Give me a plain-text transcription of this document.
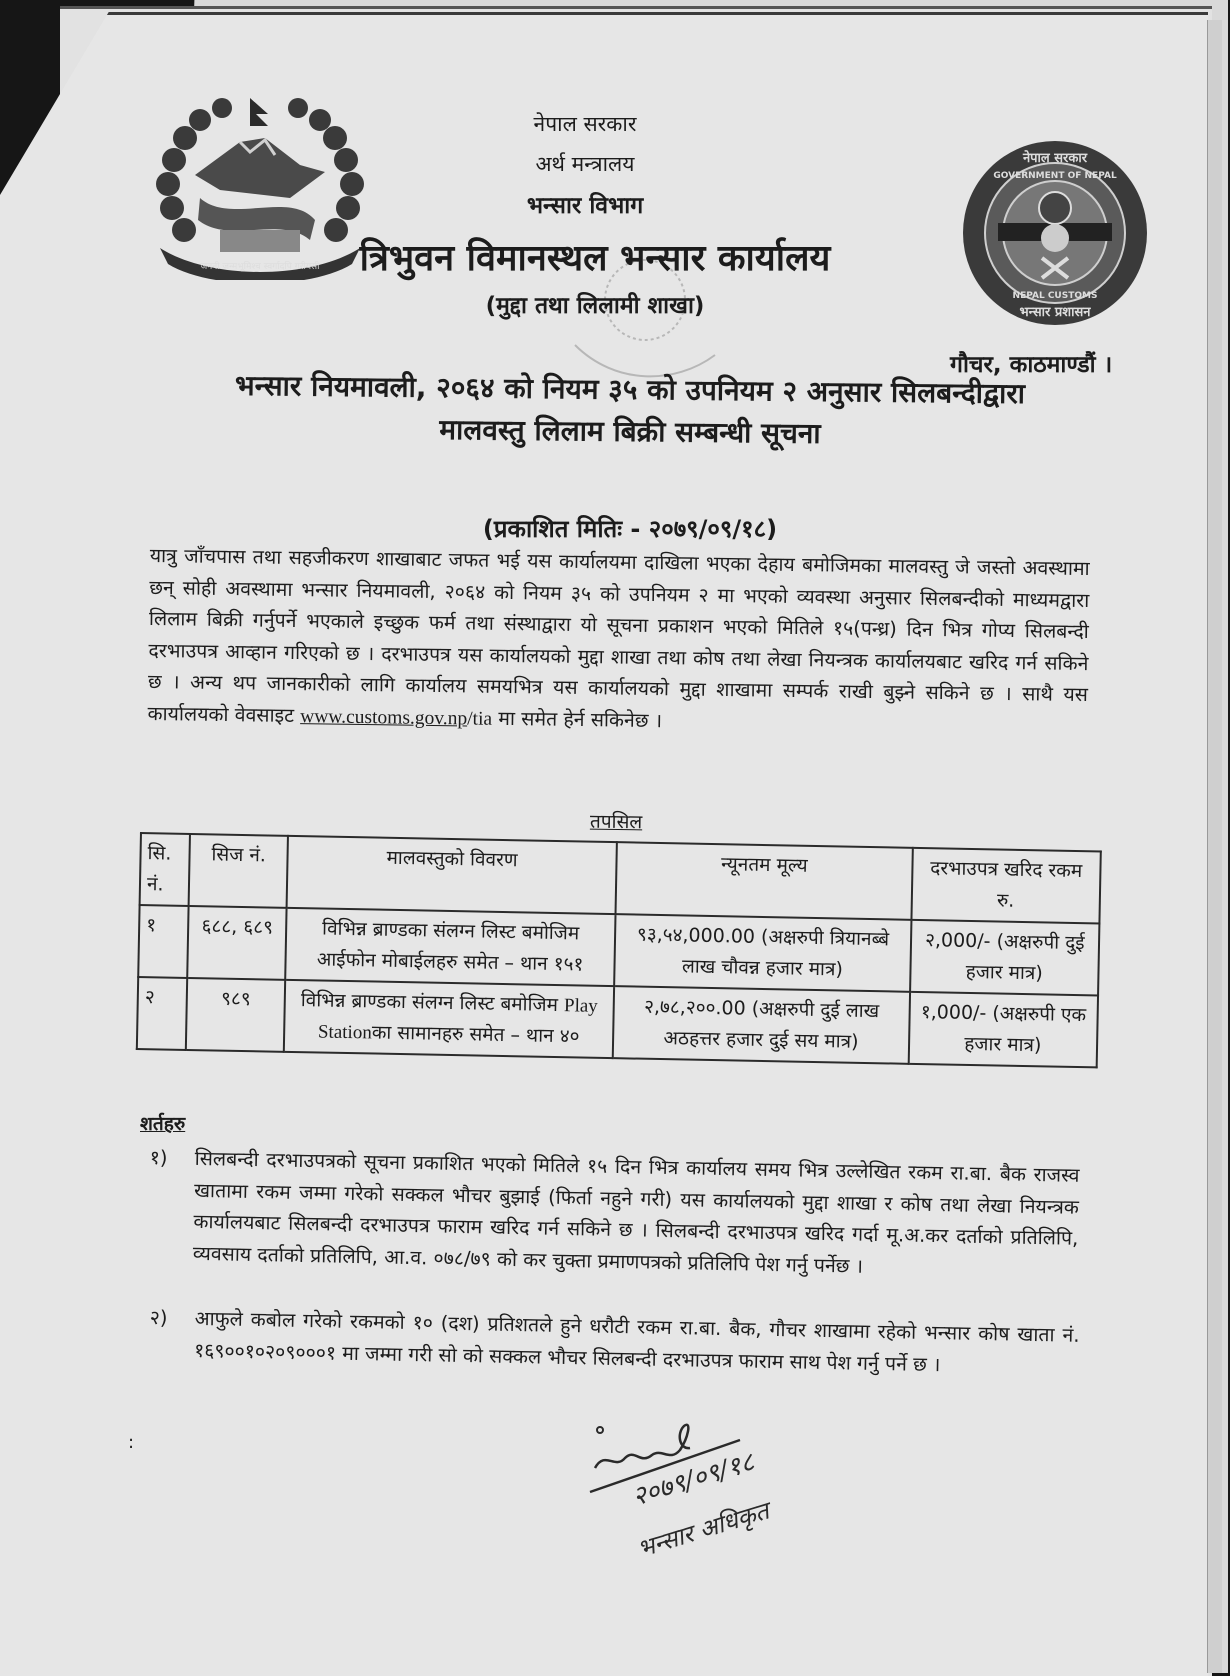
जननी जन्मभूमिश्च स्वर्गादपि गरीयसी
नेपाल सरकार
GOVERNMENT OF NEPAL
NEPAL CUSTOMS
भन्सार प्रशासन
नेपाल सरकार
अर्थ मन्त्रालय
भन्सार विभाग
त्रिभुवन विमानस्थल भन्सार कार्यालय
(मुद्दा तथा लिलामी शाखा)
गौचर, काठमाण्डौं ।
भन्सार नियमावली, २०६४ को नियम ३५ को उपनियम २ अनुसार सिलबन्दीद्वारा
मालवस्तु लिलाम बिक्री सम्बन्धी सूचना
(प्रकाशित मितिः - २०७९/०९/१८)
यात्रु जाँचपास तथा सहजीकरण शाखाबाट जफत भई यस कार्यालयमा दाखिला भएका देहाय बमोजिमका मालवस्तु जे जस्तो अवस्थामा छन् सोही अवस्थामा भन्सार नियमावली, २०६४ को नियम ३५ को उपनियम २ मा भएको व्यवस्था अनुसार सिलबन्दीको माध्यमद्वारा लिलाम बिक्री गर्नुपर्ने भएकाले इच्छुक फर्म तथा संस्थाद्वारा यो सूचना प्रकाशन भएको मितिले १५(पन्ध्र) दिन भित्र गोप्य सिलबन्दी दरभाउपत्र आव्हान गरिएको छ । दरभाउपत्र यस कार्यालयको मुद्दा शाखा तथा कोष तथा लेखा नियन्त्रक कार्यालयबाट खरिद गर्न सकिने छ । अन्य थप जानकारीको लागि कार्यालय समयभित्र यस कार्यालयको मुद्दा शाखामा सम्पर्क राखी बुझ्ने सकिने छ । साथै यस कार्यालयको वेवसाइट www.customs.gov.np/tia मा समेत हेर्न सकिनेछ ।
तपसिल
सि. नं.	सिज नं.	मालवस्तुको विवरण	न्यूनतम मूल्य	दरभाउपत्र खरिद रकम रु.
१	६८८, ६८९	विभिन्न ब्राण्डका संलग्न लिस्ट बमोजिम आईफोन मोबाईलहरु समेत – थान १५१	९३,५४,000.00 (अक्षरुपी त्रियानब्बे लाख चौवन्न हजार मात्र)	२,000/- (अक्षरुपी दुई हजार मात्र)
२	९८९	विभिन्न ब्राण्डका संलग्न लिस्ट बमोजिम Play Stationका सामानहरु समेत – थान ४०	२,७८,२००.00 (अक्षरुपी दुई लाख अठहत्तर हजार दुई सय मात्र)	१,000/- (अक्षरुपी एक हजार मात्र)
शर्तहरु
१) सिलबन्दी दरभाउपत्रको सूचना प्रकाशित भएको मितिले १५ दिन भित्र कार्यालय समय भित्र उल्लेखित रकम रा.बा. बैक राजस्व खातामा रकम जम्मा गरेको सक्कल भौचर बुझाई (फिर्ता नहुने गरी) यस कार्यालयको मुद्दा शाखा र कोष तथा लेखा नियन्त्रक कार्यालयबाट सिलबन्दी दरभाउपत्र फाराम खरिद गर्न सकिने छ । सिलबन्दी दरभाउपत्र खरिद गर्दा मू.अ.कर दर्ताको प्रतिलिपि, व्यवसाय दर्ताको प्रतिलिपि, आ.व. ०७८/७९ को कर चुक्ता प्रमाणपत्रको प्रतिलिपि पेश गर्नु पर्नेछ ।
२) आफुले कबोल गरेको रकमको १० (दश) प्रतिशतले हुने धरौटी रकम रा.बा. बैक, गौचर शाखामा रहेको भन्सार कोष खाता नं. १६९००१०२०९०००१ मा जम्मा गरी सो को सक्कल भौचर सिलबन्दी दरभाउपत्र फाराम साथ पेश गर्नु पर्ने छ ।
:
२०७९/०९/१८
भन्सार अधिकृत
